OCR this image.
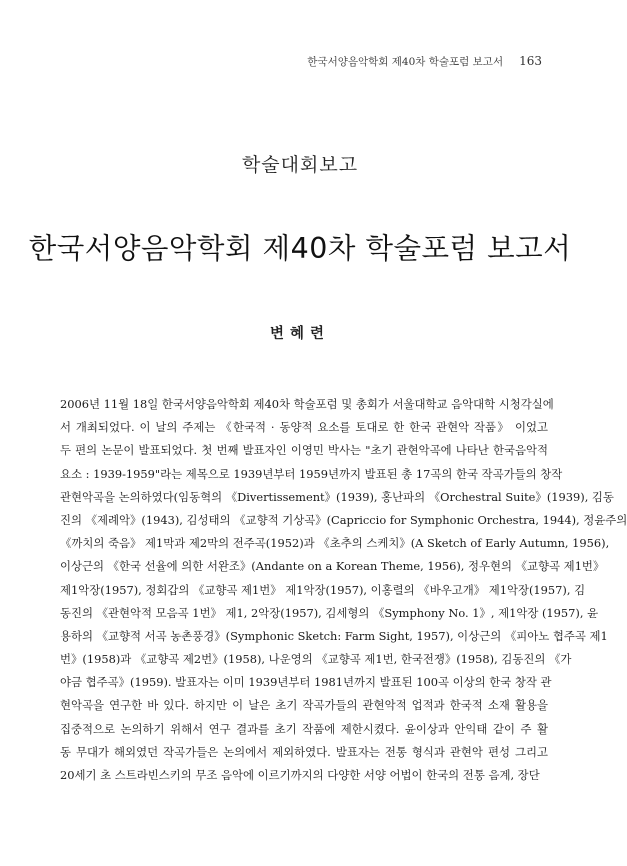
한국서양음악학회 제40차 학술포럼 보고서 163
학술대회보고
한국서양음악학회 제40차 학술포럼 보고서
변혜련
2006년 11월 18일 한국서양음악학회 제40차 학술포럼 및 총회가 서울대학교 음악대학 시청각실에
서 개최되었다. 이 날의 주제는 《한국적 · 동양적 요소를 토대로 한 한국 관현악 작품》 이었고
두 편의 논문이 발표되었다. 첫 번째 발표자인 이영민 박사는 "초기 관현악곡에 나타난 한국음악적
요소 : 1939-1959"라는 제목으로 1939년부터 1959년까지 발표된 총 17곡의 한국 작곡가들의 창작
관현악곡을 논의하였다(임동혁의 《Divertissement》(1939), 홍난파의 《Orchestral Suite》(1939), 김동
진의 《제례악》(1943), 김성태의 《교향적 기상곡》(Capriccio for Symphonic Orchestra, 1944), 정윤주의
《까치의 죽음》 제1막과 제2막의 전주곡(1952)과 《초추의 스케치》(A Sketch of Early Autumn, 1956),
이상근의 《한국 선율에 의한 서완조》(Andante on a Korean Theme, 1956), 정우현의 《교향곡 제1번》
제1악장(1957), 정회갑의 《교향곡 제1번》 제1악장(1957), 이홍렬의 《바우고개》 제1악장(1957), 김
동진의 《관현악적 모음곡 1번》 제1, 2악장(1957), 김세형의 《Symphony No. 1》, 제1악장 (1957), 윤
용하의 《교향적 서곡 농촌풍경》(Symphonic Sketch: Farm Sight, 1957), 이상근의 《피아노 협주곡 제1
번》(1958)과 《교향곡 제2번》(1958), 나운영의 《교향곡 제1번, 한국전쟁》(1958), 김동진의 《가
야금 협주곡》(1959). 발표자는 이미 1939년부터 1981년까지 발표된 100곡 이상의 한국 창작 관
현악곡을 연구한 바 있다. 하지만 이 날은 초기 작곡가들의 관현악적 업적과 한국적 소재 활용을
집중적으로 논의하기 위해서 연구 결과를 초기 작품에 제한시켰다. 윤이상과 안익태 같이 주 활
동 무대가 해외였던 작곡가들은 논의에서 제외하였다. 발표자는 전통 형식과 관현악 편성 그리고
20세기 초 스트라빈스키의 무조 음악에 이르기까지의 다양한 서양 어법이 한국의 전통 음계, 장단
